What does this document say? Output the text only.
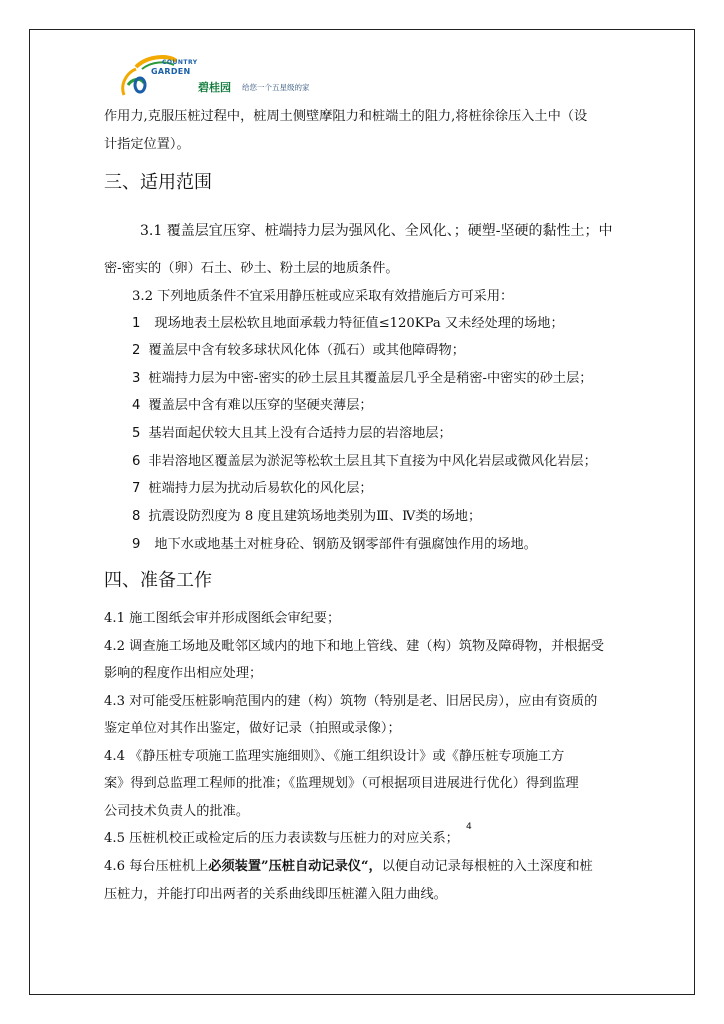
COUNTRY
GARDEN
碧桂园 给您一个五星级的家
作用力,克服压桩过程中，桩周土侧壁摩阻力和桩端土的阻力,将桩徐徐压入土中（设
计指定位置）。
三、适用范围
3.1 覆盖层宜压穿、桩端持力层为强风化、全风化、；硬塑-坚硬的黏性土；中
密-密实的（卵）石土、砂土、粉土层的地质条件。
3.2 下列地质条件不宜采用静压桩或应采取有效措施后方可采用：
1 现场地表土层松软且地面承载力特征值≤120KPa 又未经处理的场地；
2 覆盖层中含有较多球状风化体（孤石）或其他障碍物；
3 桩端持力层为中密-密实的砂土层且其覆盖层几乎全是稍密-中密实的砂土层；
4 覆盖层中含有难以压穿的坚硬夹薄层；
5 基岩面起伏较大且其上没有合适持力层的岩溶地层；
6 非岩溶地区覆盖层为淤泥等松软土层且其下直接为中风化岩层或微风化岩层；
7 桩端持力层为扰动后易软化的风化层；
8 抗震设防烈度为 8 度且建筑场地类别为Ⅲ、Ⅳ类的场地；
9 地下水或地基土对桩身砼、钢筋及钢零部件有强腐蚀作用的场地。
四、准备工作
4.1 施工图纸会审并形成图纸会审纪要；
4.2 调查施工场地及毗邻区域内的地下和地上管线、建（构）筑物及障碍物，并根据受
影响的程度作出相应处理；
4.3 对可能受压桩影响范围内的建（构）筑物（特别是老、旧居民房），应由有资质的
鉴定单位对其作出鉴定，做好记录（拍照或录像）；
4.4 《静压桩专项施工监理实施细则》、《施工组织设计》或《静压桩专项施工方
案》得到总监理工程师的批准；《监理规划》（可根据项目进展进行优化）得到监理
公司技术负责人的批准。
4.5 压桩机校正或检定后的压力表读数与压桩力的对应关系；
4
4.6 每台压桩机上必须装置”压桩自动记录仪“，以便自动记录每根桩的入土深度和桩
压桩力，并能打印出两者的关系曲线即压桩灌入阻力曲线。
